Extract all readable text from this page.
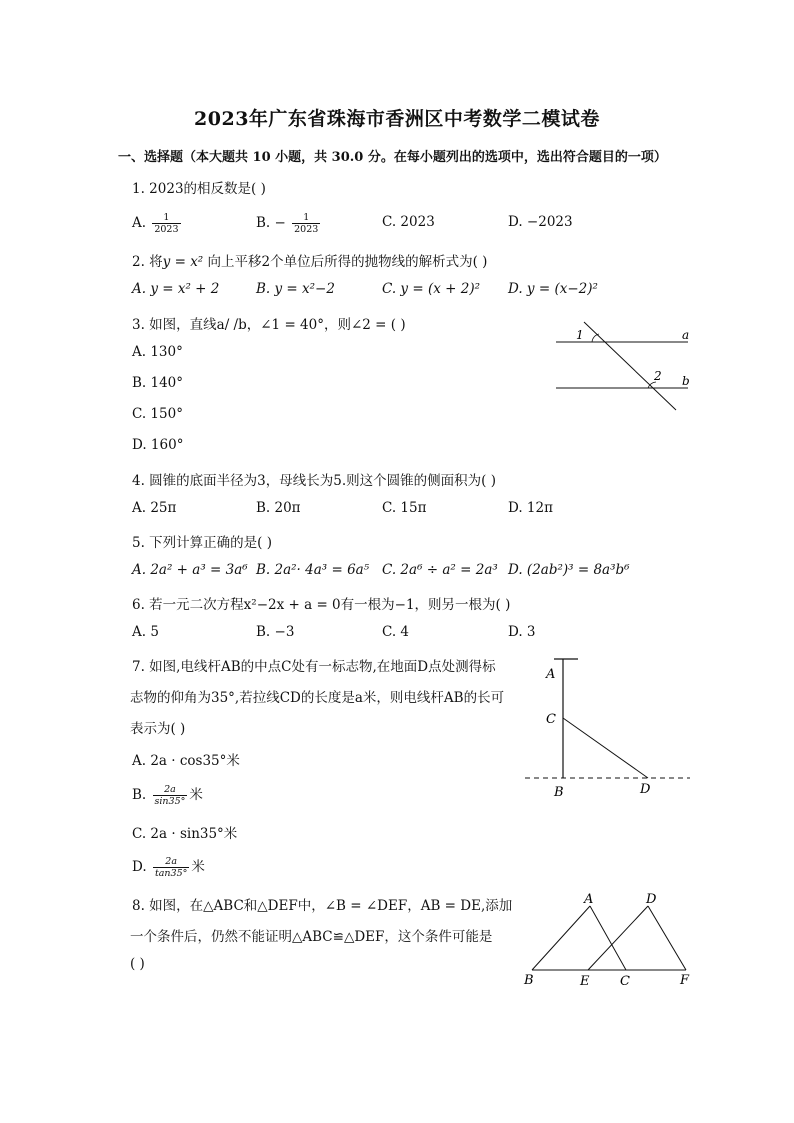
2023年广东省珠海市香洲区中考数学二模试卷
一、选择题（本大题共 10 小题，共 30.0 分。在每小题列出的选项中，选出符合题目的一项）
1. 2023的相反数是( )
A. $\frac{1}{2023}$	B. − $\frac{1}{2023}$	C. 2023	D. −2023
2. 将y = x² 向上平移2个单位后所得的抛物线的解析式为( )
A. y = x² + 2	B. y = x²−2	C. y = (x + 2)² D. y = (x−2)²
3. 如图，直线a/ /b，∠1 = 40°，则∠2 = ( )
A. 130°
B. 140°
C. 150°
D. 160°
1
2
a
b
4. 圆锥的底面半径为3，母线长为5.则这个圆锥的侧面积为( )
A. 25π	B. 20π	C. 15π	D. 12π
5. 下列计算正确的是( )
A. 2a² + a³ = 3a⁶ B. 2a²· 4a³ = 6a⁵ C. 2a⁶ ÷ a² = 2a³ D. (2ab²)³ = 8a³b⁶
6. 若一元二次方程x²−2x + a = 0有一根为−1，则另一根为( )
A. 5	B. −3	C. 4	D. 3
7. 如图,电线杆AB的中点C处有一标志物,在地面D点处测得标
志物的仰角为35°,若拉线CD的长度是a米，则电线杆AB的长可
表示为( )
A. 2a · cos35°米
B. $\frac{2a}{\sin 35^\circ}$ 米
C. 2a · sin35°米
D. $\frac{2a}{\tan 35^\circ}$ 米
A
C
B	D
8. 如图，在△ABC和△DEF中，∠B = ∠DEF，AB = DE,添加
一个条件后，仍然不能证明△ABC≌△DEF，这个条件可能是
( )
A	D
B	E C	F
